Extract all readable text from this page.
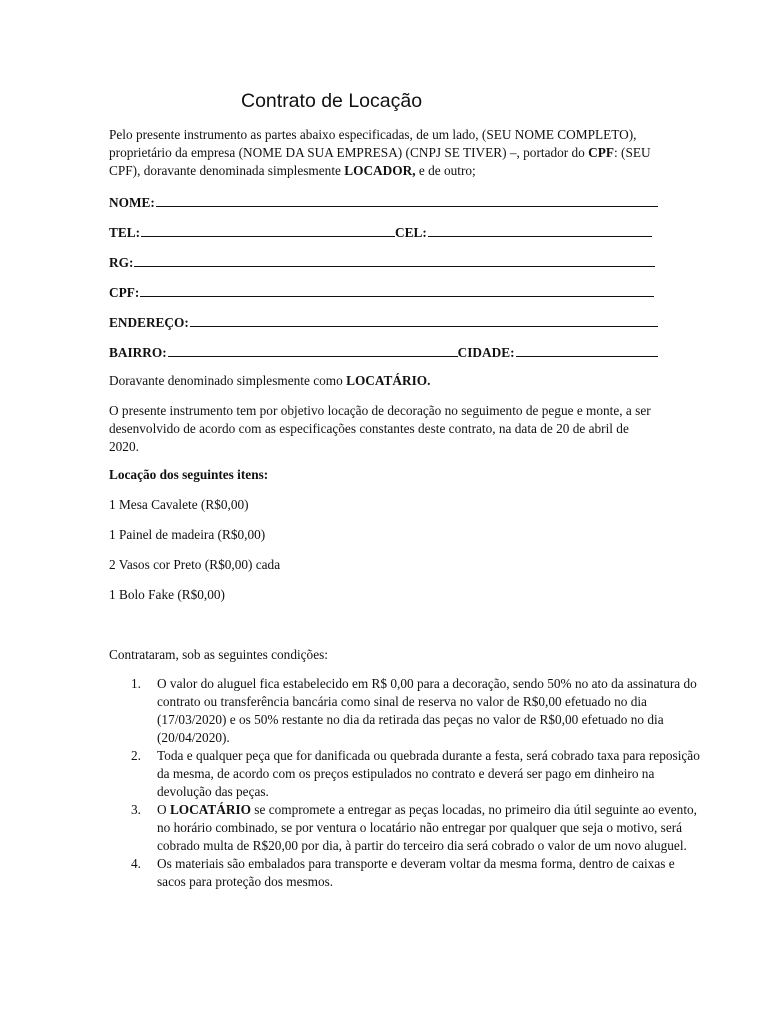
Contrato de Locação
Pelo presente instrumento as partes abaixo especificadas, de um lado, (SEU NOME COMPLETO), proprietário da empresa (NOME DA SUA EMPRESA) (CNPJ SE TIVER) –, portador do CPF: (SEU CPF), doravante denominada simplesmente LOCADOR, e de outro;
NOME:
TEL:	CEL:
RG:
CPF:
ENDEREÇO:
BAIRRO:	CIDADE:
Doravante denominado simplesmente como LOCATÁRIO.
O presente instrumento tem por objetivo locação de decoração no seguimento de pegue e monte, a ser desenvolvido de acordo com as especificações constantes deste contrato, na data de 20 de abril de 2020.
Locação dos seguintes itens:
1 Mesa Cavalete (R$0,00)
1 Painel de madeira (R$0,00)
2 Vasos cor Preto (R$0,00) cada
1 Bolo Fake (R$0,00)
Contrataram, sob as seguintes condições:
1. O valor do aluguel fica estabelecido em R$ 0,00 para a decoração, sendo 50% no ato da assinatura do contrato ou transferência bancária como sinal de reserva no valor de R$0,00 efetuado no dia (17/03/2020) e os 50% restante no dia da retirada das peças no valor de R$0,00 efetuado no dia (20/04/2020).
2. Toda e qualquer peça que for danificada ou quebrada durante a festa, será cobrado taxa para reposição da mesma, de acordo com os preços estipulados no contrato e deverá ser pago em dinheiro na devolução das peças.
3. O LOCATÁRIO se compromete a entregar as peças locadas, no primeiro dia útil seguinte ao evento, no horário combinado, se por ventura o locatário não entregar por qualquer que seja o motivo, será cobrado multa de R$20,00 por dia, à partir do terceiro dia será cobrado o valor de um novo aluguel.
4. Os materiais são embalados para transporte e deveram voltar da mesma forma, dentro de caixas e sacos para proteção dos mesmos.
